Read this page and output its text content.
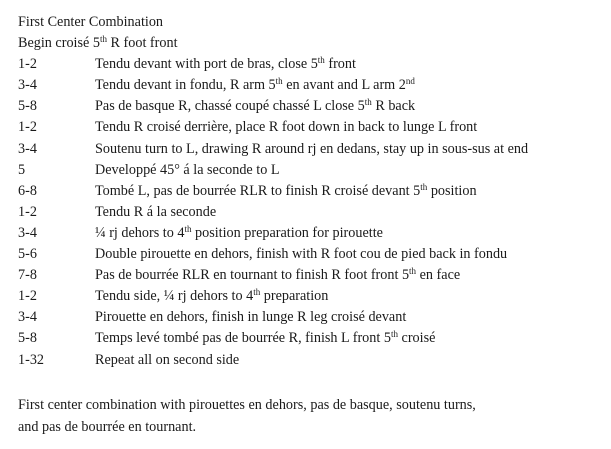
First Center Combination
Begin croisé 5th R foot front
1-2	Tendu devant with port de bras, close 5th front
3-4	Tendu devant in fondu, R arm 5th en avant and L arm 2nd
5-8	Pas de basque R, chassé coupé chassé L close 5th R back
1-2	Tendu R croisé derrière, place R foot down in back to lunge L front
3-4	Soutenu turn to L, drawing R around rj en dedans, stay up in sous-sus at end
5	Developpé 45° á la seconde to L
6-8	Tombé L, pas de bourrée RLR to finish R croisé devant 5th position
1-2	Tendu R á la seconde
3-4	¼ rj dehors to 4th position preparation for pirouette
5-6	Double pirouette en dehors, finish with R foot cou de pied back in fondu
7-8	Pas de bourrée RLR en tournant to finish R foot front 5th en face
1-2	Tendu side, ¼ rj dehors to 4th preparation
3-4	Pirouette en dehors, finish in lunge R leg croisé devant
5-8	Temps levé tombé pas de bourrée R, finish L front 5th croisé
1-32	Repeat all on second side
First center combination with pirouettes en dehors, pas de basque, soutenu turns,
and pas de bourrée en tournant.
